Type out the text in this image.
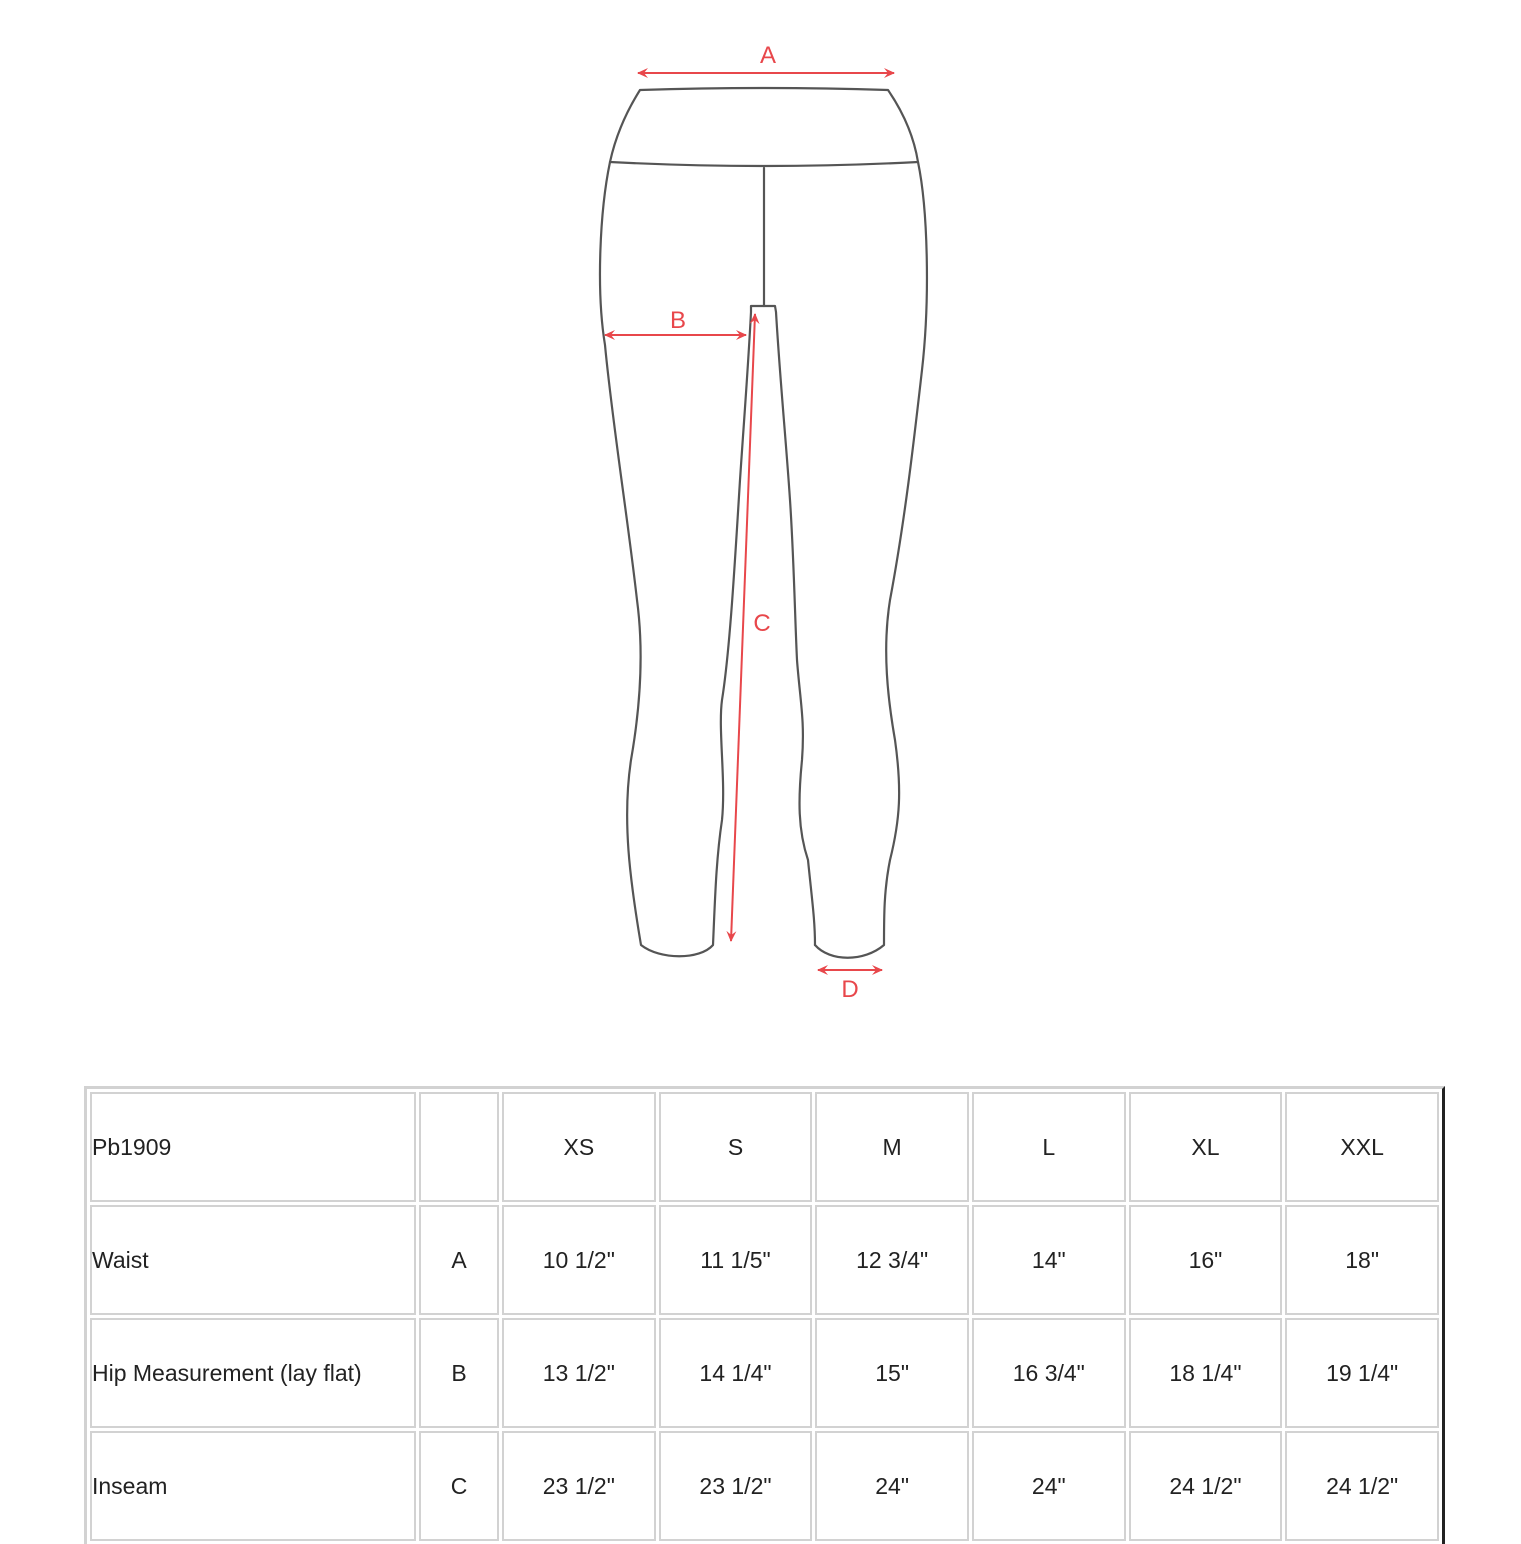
A
B
C
D
Pb1909		XS	S	M	L	XL	XXL
Waist	A	10 1/2"	11 1/5"	12 3/4"	14"	16"	18"
Hip Measurement (lay flat)	B	13 1/2"	14 1/4"	15"	16 3/4"	18 1/4"	19 1/4"
Inseam	C	23 1/2"	23 1/2"	24"	24"	24 1/2"	24 1/2"
